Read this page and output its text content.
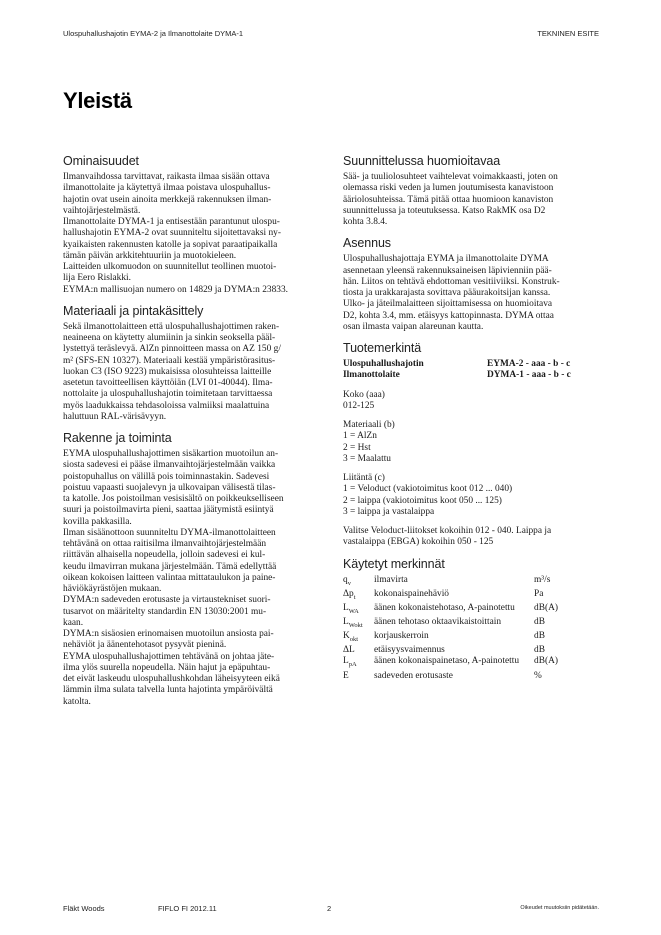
Ulospuhallushajotin EYMA-2 ja Ilmanottolaite DYMA-1	TEKNINEN ESITE
Yleistä
Ominaisuudet
Ilmanvaihdossa tarvittavat, raikasta ilmaa sisään ottava
ilmanottolaite ja käytettyä ilmaa poistava ulospuhallus-
hajotin ovat usein ainoita merkkejä rakennuksen ilman-
vaihtojärjestelmästä.
Ilmanottolaite DYMA-1 ja entisestään parantunut ulospu-
hallushajotin EYMA-2 ovat suunniteltu sijoitettavaksi ny-
kyaikaisten rakennusten katolle ja sopivat paraatipaikalla
tämän päivän arkkitehtuuriin ja muotokieleen.
Laitteiden ulkomuodon on suunnitellut teollinen muotoi-
lija Eero Rislakki.
EYMA:n mallisuojan numero on 14829 ja DYMA:n 23833.
Materiaali ja pintakäsittely
Sekä ilmanottolaitteen että ulospuhallushajottimen raken-
neaineena on käytetty alumiinin ja sinkin seoksella pääl-
lystettyä teräslevyä. AlZn pinnoitteen massa on AZ 150 g/
m² (SFS-EN 10327). Materiaali kestää ympäristörasitus-
luokan C3 (ISO 9223) mukaisissa olosuhteissa laitteille
asetetun tavoitteellisen käyttöiän (LVI 01-40044). Ilma-
nottolaite ja ulospuhallushajotin toimitetaan tarvittaessa
myös laadukkaissa tehdasoloissa valmiiksi maalattuina
haluttuun RAL-värisävyyn.
Rakenne ja toiminta
EYMA ulospuhallushajottimen sisäkartion muotoilun an-
siosta sadevesi ei pääse ilmanvaihtojärjestelmään vaikka
poistopuhallus on välillä pois toiminnastakin. Sadevesi
poistuu vapaasti suojalevyn ja ulkovaipan välisestä tilas-
ta katolle. Jos poistoilman vesisisältö on poikkeukselliseen
suuri ja poistoilmavirta pieni, saattaa jäätymistä esiintyä
kovilla pakkasilla.
Ilman sisäänottoon suunniteltu DYMA-ilmanottolaitteen
tehtävänä on ottaa raitisilma ilmanvaihtojärjestelmään
riittävän alhaisella nopeudella, jolloin sadevesi ei kul-
keudu ilmavirran mukana järjestelmään. Tämä edellyttää
oikean kokoisen laitteen valintaa mittataulukon ja paine-
häviökäyrästöjen mukaan.
DYMA:n sadeveden erotusaste ja virtaustekniset suori-
tusarvot on määritelty standardin EN 13030:2001 mu-
kaan.
DYMA:n sisäosien erinomaisen muotoilun ansiosta pai-
nehäviöt ja äänentehotasot pysyvät pieninä.
EYMA ulospuhallushajottimen tehtävänä on johtaa jäte-
ilma ylös suurella nopeudella. Näin hajut ja epäpuhtau-
det eivät laskeudu ulospuhallushkohdan läheisyyteen eikä
lämmin ilma sulata talvella lunta hajotinta ympäröivältä
katolta.
Suunnittelussa huomioitavaa
Sää- ja tuuliolosuhteet vaihtelevat voimakkaasti, joten on
olemassa riski veden ja lumen joutumisesta kanavistoon
ääriolosuhteissa. Tämä pitää ottaa huomioon kanaviston
suunnittelussa ja toteutuksessa. Katso RakMK osa D2
kohta 3.8.4.
Asennus
Ulospuhallushajottaja EYMA ja ilmanottolaite DYMA
asennetaan yleensä rakennuksaineisen läpivienniin pää-
hän. Liitos on tehtävä ehdottoman vesitiiviiksi. Konstruk-
tiosta ja urakkarajasta sovittava pääurakoitsijan kanssa.
Ulko- ja jäteilmalaitteen sijoittamisessa on huomioitava
D2, kohta 3.4, mm. etäisyys kattopinnasta. DYMA ottaa
osan ilmasta vaipan alareunan kautta.
Tuotemerkintä
Ulospuhallushajotin	EYMA-2 - aaa - b - c
Ilmanottolaite	DYMA-1 - aaa - b - c
Koko (aaa)
012-125
Materiaali (b)
1 = AlZn
2 = Hst
3 = Maalattu
Liitäntä (c)
1 = Veloduct (vakiotoimitus koot 012 ... 040)
2 = laippa (vakiotoimitus koot 050 ... 125)
3 = laippa ja vastalaippa
Valitse Veloduct-liitokset kokoihin 012 - 040. Laippa ja
vastalaippa (EBGA) kokoihin 050 - 125
Käytetyt merkinnät
$q_v$	ilmavirta	m³/s
$\Delta p_t$	kokonaispainehäviö	Pa
$L_{WA}$	äänen kokonaistehotaso, A-painotettu	dB(A)
$L_{Wokt}$	äänen tehotaso oktaavikaistoittain	dB
$K_{okt}$	korjauskerroin	dB
ΔL	etäisyysvaimennus	dB
$L_{pA}$	äänen kokonaispainetaso, A-painotettu	dB(A)
E	sadeveden erotusaste	%
Fläkt Woods	FIFLO FI 2012.11	2	Oikeudet muutoksiin pidätetään.
